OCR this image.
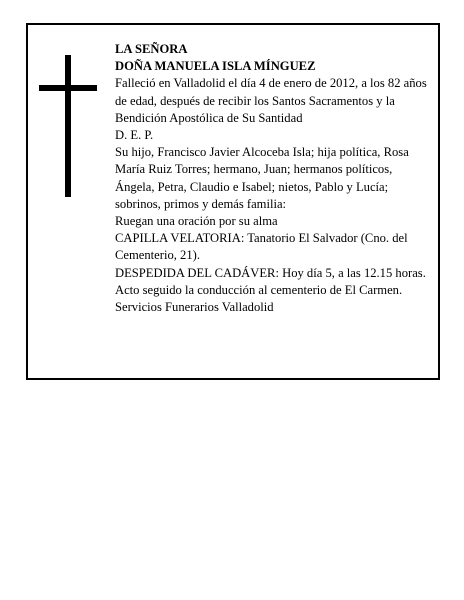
LA SEÑORA

DOÑA MANUELA ISLA MÍNGUEZ

Falleció en Valladolid el día 4 de enero de 2012, a los 82 años de edad, después de recibir los Santos Sacramentos y la Bendición Apostólica de Su Santidad

D. E. P.

Su hijo, Francisco Javier Alcoceba Isla; hija política, Rosa María Ruiz Torres; hermano, Juan; hermanos políticos, Ángela, Petra, Claudio e Isabel; nietos, Pablo y Lucía; sobrinos, primos y demás familia:

Ruegan una oración por su alma

CAPILLA VELATORIA: Tanatorio El Salvador (Cno. del Cementerio, 21).

DESPEDIDA DEL CADÁVER: Hoy día 5, a las 12.15 horas. Acto seguido la conducción al cementerio de El Carmen.

Servicios Funerarios Valladolid
